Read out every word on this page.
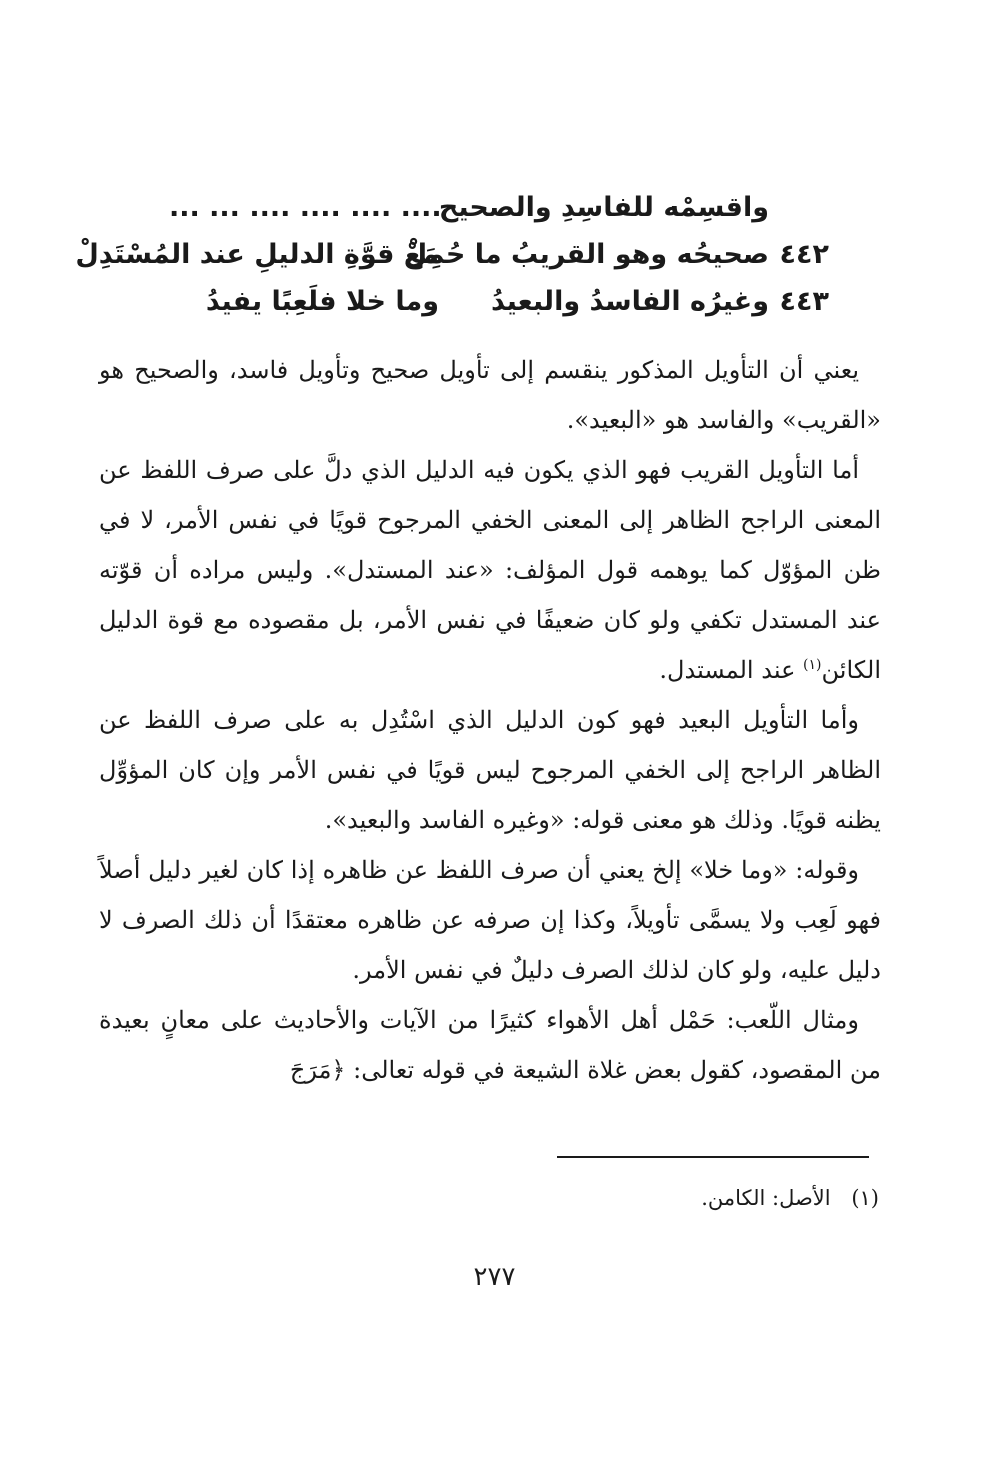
واقسِمْه للفاسِدِ والصحيح
... ... .... .... .... ....
٤٤٢
صحيحُه وهو القريبُ ما حُمِلْ
مَعْ قوَّةِ الدليلِ عند المُسْتَدِلْ
٤٤٣
وغيرُه الفاسدُ والبعيدُ
وما خلا فلَعِبًا يفيدُ

يعني أن التأويل المذكور ينقسم إلى تأويل صحيح وتأويل فاسد، والصحيح هو «القريب» والفاسد هو «البعيد».

أما التأويل القريب فهو الذي يكون فيه الدليل الذي دلَّ على صرف اللفظ عن المعنى الراجح الظاهر إلى المعنى الخفي المرجوح قويًا في نفس الأمر، لا في ظن المؤوّل كما يوهمه قول المؤلف: «عند المستدل». وليس مراده أن قوّته عند المستدل تكفي ولو كان ضعيفًا في نفس الأمر، بل مقصوده مع قوة الدليل الكائن$^{(١)}$ عند المستدل.

وأما التأويل البعيد فهو كون الدليل الذي اسْتُدِل به على صرف اللفظ عن الظاهر الراجح إلى الخفي المرجوح ليس قويًا في نفس الأمر وإن كان المؤوِّل يظنه قويًا. وذلك هو معنى قوله: «وغيره الفاسد والبعيد».

وقوله: «وما خلا» إلخ يعني أن صرف اللفظ عن ظاهره إذا كان لغير دليل أصلاً فهو لَعِب ولا يسمَّى تأويلاً، وكذا إن صرفه عن ظاهره معتقدًا أن ذلك الصرف لا دليل عليه، ولو كان لذلك الصرف دليلٌ في نفس الأمر.

ومثال اللّعب: حَمْل أهل الأهواء كثيرًا من الآيات والأحاديث على معانٍ بعيدة من المقصود، كقول بعض غلاة الشيعة في قوله تعالى: ﴿مَرَجَ

(١) الأصل: الكامن.
٢٧٧
